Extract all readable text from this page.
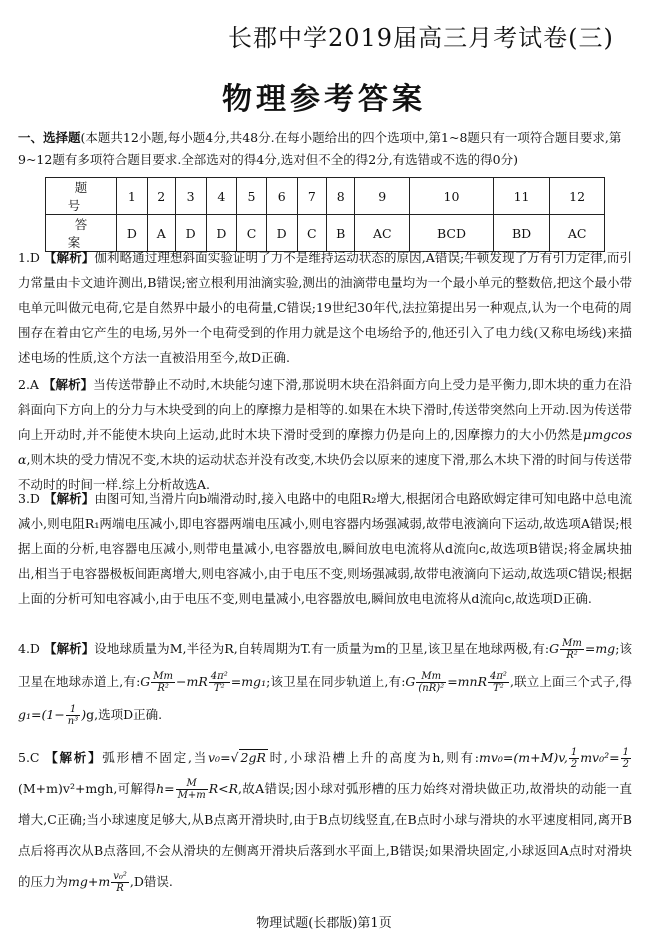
长郡中学2019届高三月考试卷(三)
物理参考答案
一、选择题(本题共12小题,每小题4分,共48分.在每小题给出的四个选项中,第1~8题只有一项符合题目要求,第9~12题有多项符合题目要求.全部选对的得4分,选对但不全的得2分,有选错或不选的得0分)
题 号	1	2	3	4	5	6	7	8	9	10	11	12
答 案	D	A	D	D	C	D	C	B	AC	BCD	BD	AC
1.D 【解析】伽利略通过理想斜面实验证明了力不是维持运动状态的原因,A错误;牛顿发现了万有引力定律,而引力常量由卡文迪许测出,B错误;密立根利用油滴实验,测出的油滴带电量均为一个最小单元的整数倍,把这个最小带电单元叫做元电荷,它是自然界中最小的电荷量,C错误;19世纪30年代,法拉第提出另一种观点,认为一个电荷的周围存在着由它产生的电场,另外一个电荷受到的作用力就是这个电场给予的,他还引入了电力线(又称电场线)来描述电场的性质,这个方法一直被沿用至今,故D正确.
2.A 【解析】当传送带静止不动时,木块能匀速下滑,那说明木块在沿斜面方向上受力是平衡力,即木块的重力在沿斜面向下方向上的分力与木块受到的向上的摩擦力是相等的.如果在木块下滑时,传送带突然向上开动.因为传送带向上开动时,并不能使木块向上运动,此时木块下滑时受到的摩擦力仍是向上的,因摩擦力的大小仍然是μmgcos α,则木块的受力情况不变,木块的运动状态并没有改变,木块仍会以原来的速度下滑,那么木块下滑的时间与传送带不动时的时间一样.综上分析故选A.
3.D 【解析】由图可知,当滑片向b端滑动时,接入电路中的电阻R₂增大,根据闭合电路欧姆定律可知电路中总电流减小,则电阻R₁两端电压减小,即电容器两端电压减小,则电容器内场强减弱,故带电液滴向下运动,故选项A错误;根据上面的分析,电容器电压减小,则带电量减小,电容器放电,瞬间放电电流将从d流向c,故选项B错误;将金属块抽出,相当于电容器极板间距离增大,则电容减小,由于电压不变,则场强减弱,故带电液滴向下运动,故选项C错误;根据上面的分析可知电容减小,由于电压不变,则电量减小,电容器放电,瞬间放电电流将从d流向c,故选项D正确.
4.D 【解析】设地球质量为M,半径为R,自转周期为T.有一质量为m的卫星,该卫星在地球两极,有:G $\frac{Mm}{\text{R²}} =mg$;该卫星在地球赤道上,有:G $\frac{Mm}{\text{R²}} -mR \frac{\text{4π²}}{\text{T²}} =mg_1$;该卫星在同步轨道上,有:G $\frac{Mm}{\text{(nR)²}} =mnR \frac{\text{4π²}}{\text{T²}}$ ,联立上面三个式子,得$g_1=(1- \frac{1}{\text{n³}} )g$,选项D正确.
5.C 【解析】弧形槽不固定,当v₀=√ 2gR 时,小球沿槽上升的高度为h,则有:mv₀=(m+M)v, $\frac{1}{2} mv_0^2= \frac{1}{2}$
(M+m)v²+mgh,可解得$h= \frac{M}{M+m} R<R$,故A错误;因小球对弧形槽的压力始终对滑块做正功,故滑块的动能一直增大,C正确;当小球速度足够大,从B点离开滑块时,由于B点切线竖直,在B点时小球与滑块的水平速度相同,离开B点后将再次从B点落回,不会从滑块的左侧离开滑块后落到水平面上,B错误;如果滑块固定,小球返回A点时对滑块的压力为$mg+m \frac{\text{v₀²}}{R} ,D$错误.
物理试题(长郡版)第1页
